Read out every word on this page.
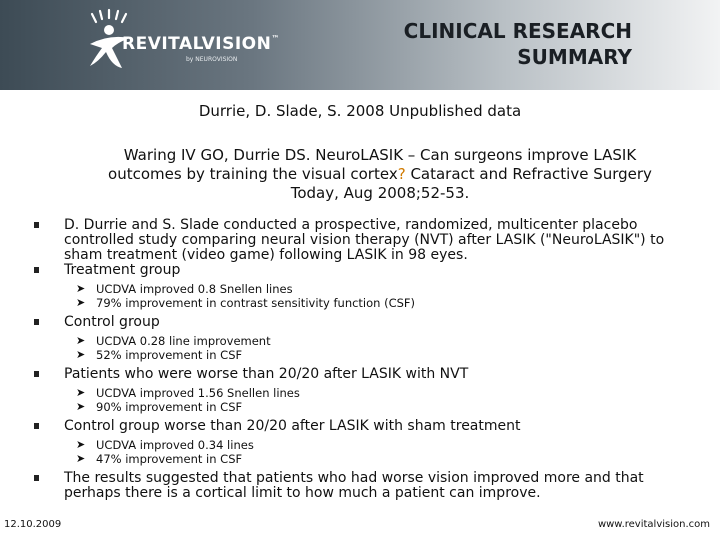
REVITALVISION™
by NEUROVISION
CLINICAL RESEARCH
SUMMARY
Durrie, D. Slade, S. 2008 Unpublished data
Waring IV GO, Durrie DS. NeuroLASIK – Can surgeons improve LASIK outcomes by training the visual cortex? Cataract and Refractive Surgery Today, Aug 2008;52-53.
D. Durrie and S. Slade conducted a prospective, randomized, multicenter placebo controlled study comparing neural vision therapy (NVT) after LASIK ("NeuroLASIK") to sham treatment (video game) following LASIK in 98 eyes.
Treatment group
➤ UCDVA improved 0.8 Snellen lines
➤ 79% improvement in contrast sensitivity function (CSF)
Control group
➤ UCDVA 0.28 line improvement
➤ 52% improvement in CSF
Patients who were worse than 20/20 after LASIK with NVT
➤ UCDVA improved 1.56 Snellen lines
➤ 90% improvement in CSF
Control group worse than 20/20 after LASIK with sham treatment
➤ UCDVA improved 0.34 lines
➤ 47% improvement in CSF
The results suggested that patients who had worse vision improved more and that perhaps there is a cortical limit to how much a patient can improve.
12.10.2009	www.revitalvision.com
